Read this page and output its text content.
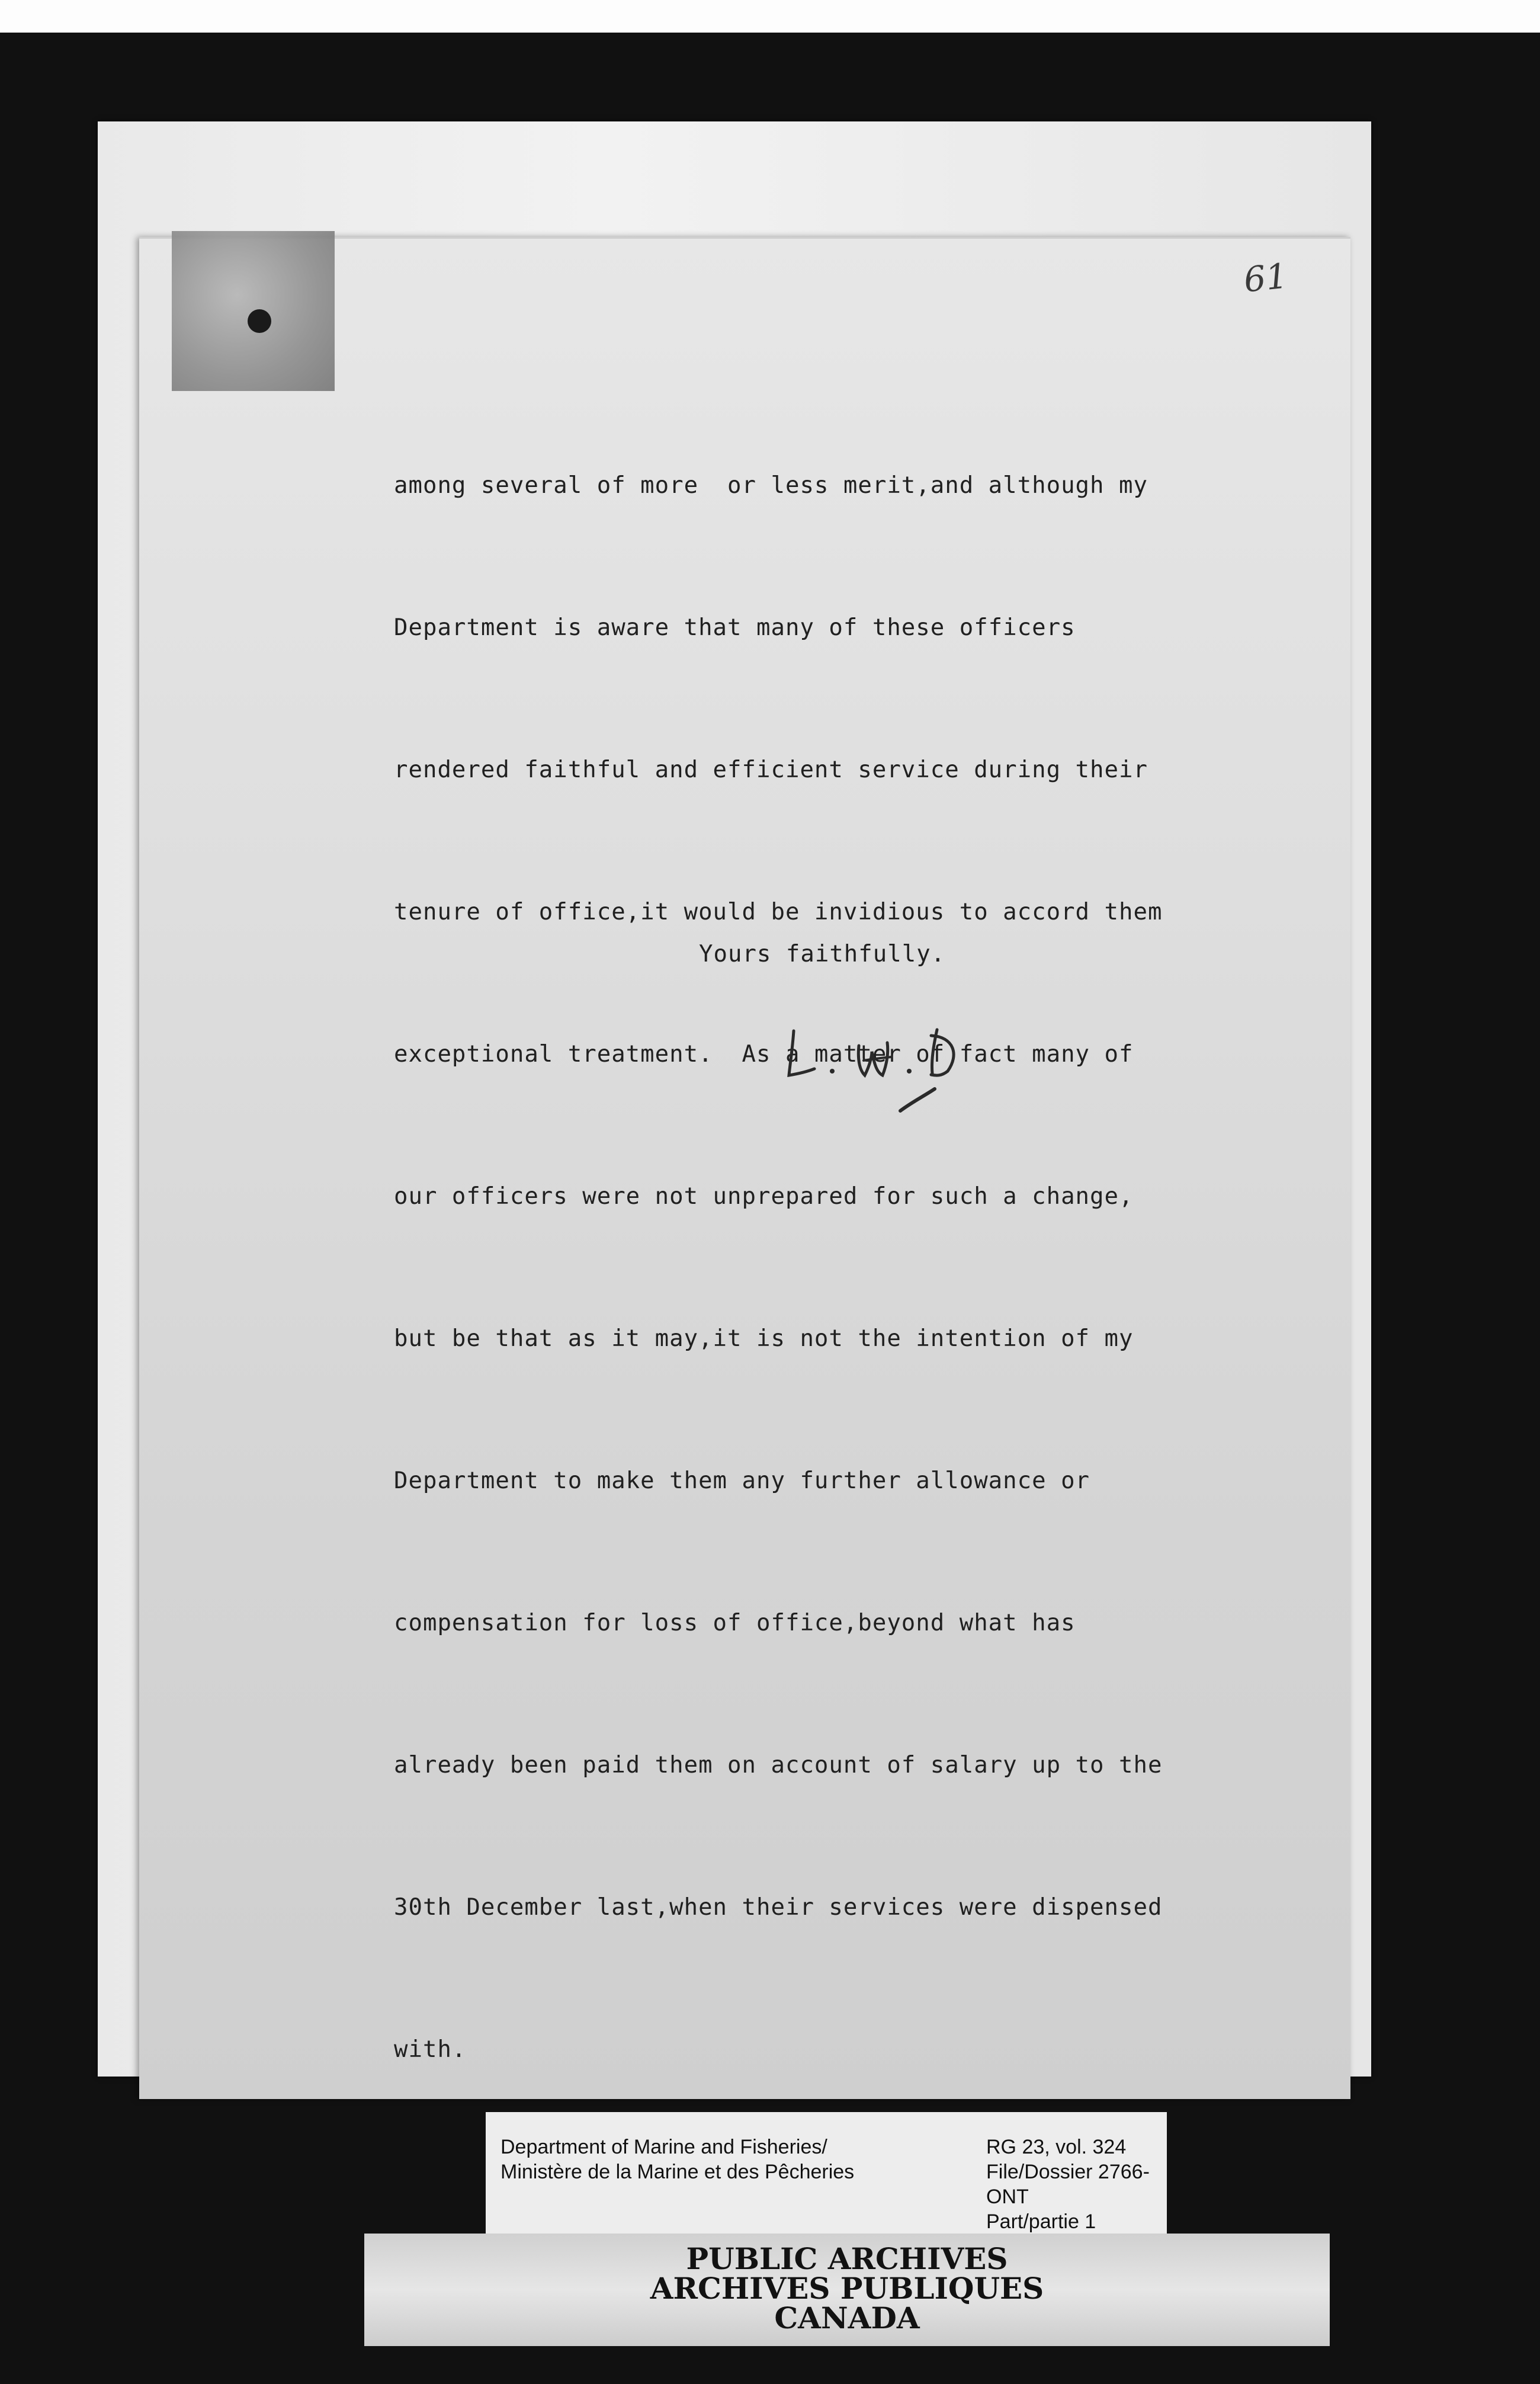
61

among several of more  or less merit,and although my

Department is aware that many of these officers

rendered faithful and efficient service during their

tenure of office,it would be invidious to accord them

exceptional treatment.  As a matter of fact many of

our officers were not unprepared for such a change,

but be that as it may,it is not the intention of my

Department to make them any further allowance or

compensation for loss of office,beyond what has

already been paid them on account of salary up to the

30th December last,when their services were dispensed

with.

Yours faithfully.
Department of Marine and Fisheries/
Ministère de la Marine et des Pêcheries
RG 23, vol. 324
File/Dossier 2766-
ONT
Part/partie 1
PUBLIC ARCHIVES
ARCHIVES PUBLIQUES
CANADA
